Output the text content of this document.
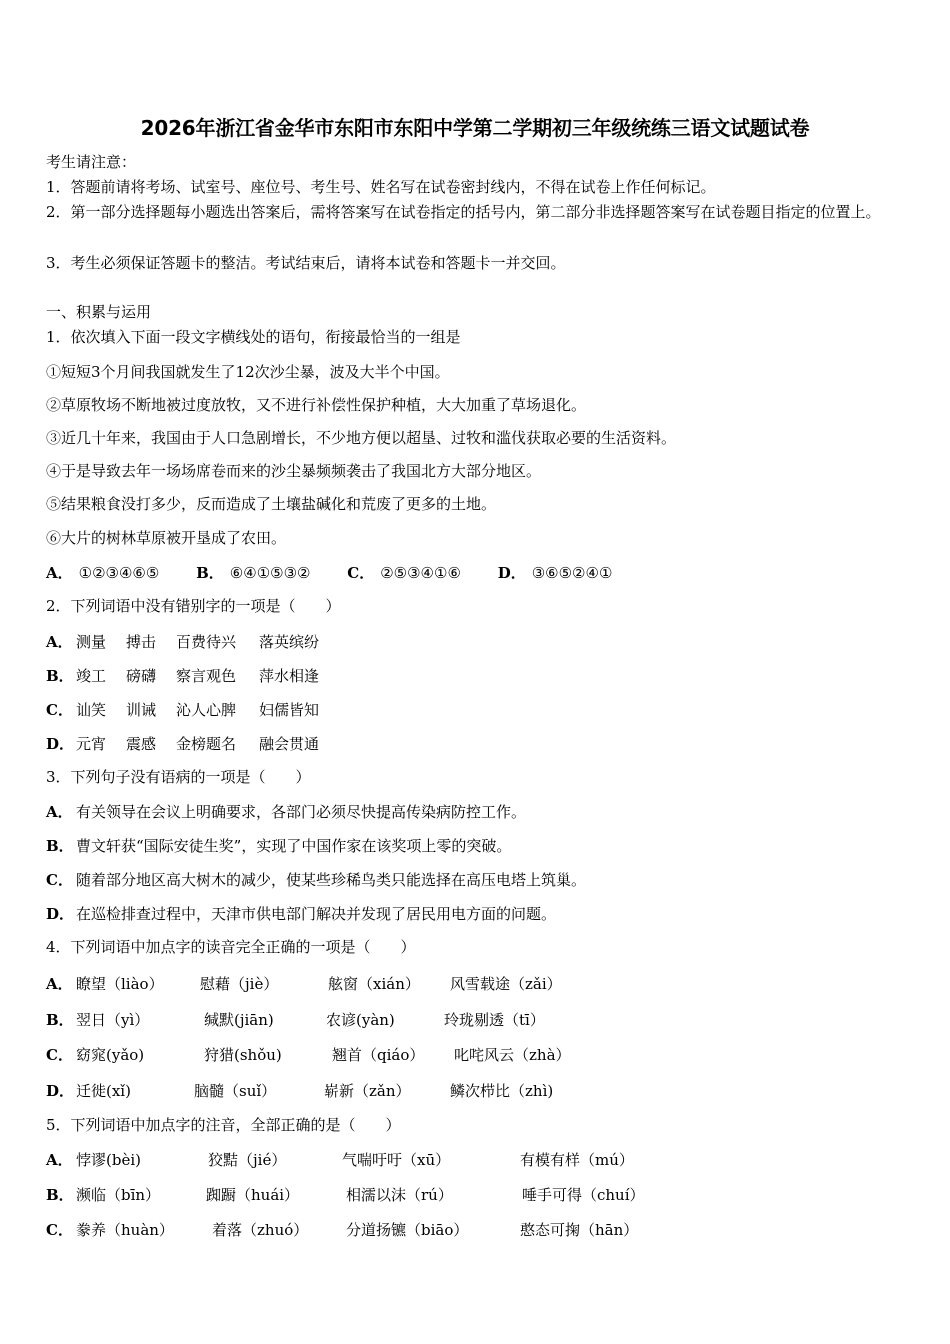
2026年浙江省金华市东阳市东阳中学第二学期初三年级统练三语文试题试卷
考生请注意：
1．答题前请将考场、试室号、座位号、考生号、姓名写在试卷密封线内，不得在试卷上作任何标记。
2．第一部分选择题每小题选出答案后，需将答案写在试卷指定的括号内，第二部分非选择题答案写在试卷题目指定的位置上。
3．考生必须保证答题卡的整洁。考试结束后，请将本试卷和答题卡一并交回。
一、积累与运用
1．依次填入下面一段文字横线处的语句，衔接最恰当的一组是
①短短3个月间我国就发生了12次沙尘暴，波及大半个中国。
②草原牧场不断地被过度放牧，又不进行补偿性保护种植，大大加重了草场退化。
③近几十年来，我国由于人口急剧增长，不少地方便以超垦、过牧和滥伐获取必要的生活资料。
④于是导致去年一场场席卷而来的沙尘暴频频袭击了我国北方大部分地区。
⑤结果粮食没打多少，反而造成了土壤盐碱化和荒废了更多的土地。
⑥大片的树林草原被开垦成了农田。
A． ①②③④⑥⑤ B． ⑥④①⑤③② C． ②⑤③④①⑥ D． ③⑥⑤②④①
2．下列词语中没有错别字的一项是（　　）
A． 测量 搏击 百费待兴 落英缤纷
B． 竣工 磅礴 察言观色 萍水相逢
C． 讪笑 训诫 沁人心脾 妇儒皆知
D． 元宵 震感 金榜题名 融会贯通
3．下列句子没有语病的一项是（　　）
A． 有关领导在会议上明确要求，各部门必须尽快提高传染病防控工作。
B． 曹文轩获“国际安徒生奖”，实现了中国作家在该奖项上零的突破。
C． 随着部分地区高大树木的减少，使某些珍稀鸟类只能选择在高压电塔上筑巢。
D． 在巡检排查过程中，天津市供电部门解决并发现了居民用电方面的问题。
4．下列词语中加点字的读音完全正确的一项是（　　）
A． 瞭望（liào） 慰藉（jiè）	舷窗（xián） 风雪载途（zǎi）
B． 翌日（yì）	缄默(jiān)	农谚(yàn)	玲珑剔透（tī）
C． 窈窕(yǎo)	狩猎(shǒu)	翘首（qiáo） 叱咤风云（zhà）
D． 迁徙(xǐ)	脑髓（suǐ）	崭新（zǎn）	鳞次栉比（zhì)
5．下列词语中加点字的注音，全部正确的是（　　）
A． 悖谬(bèi)	狡黠（jié）	气喘吁吁（xū）	有模有样（mú）
B． 濒临（bīn）	踟蹰（huái）	相濡以沫（rú）	唾手可得（chuí）
C． 豢养（huàn）	着落（zhuó）	分道扬镳（biāo）	憨态可掬（hān）
